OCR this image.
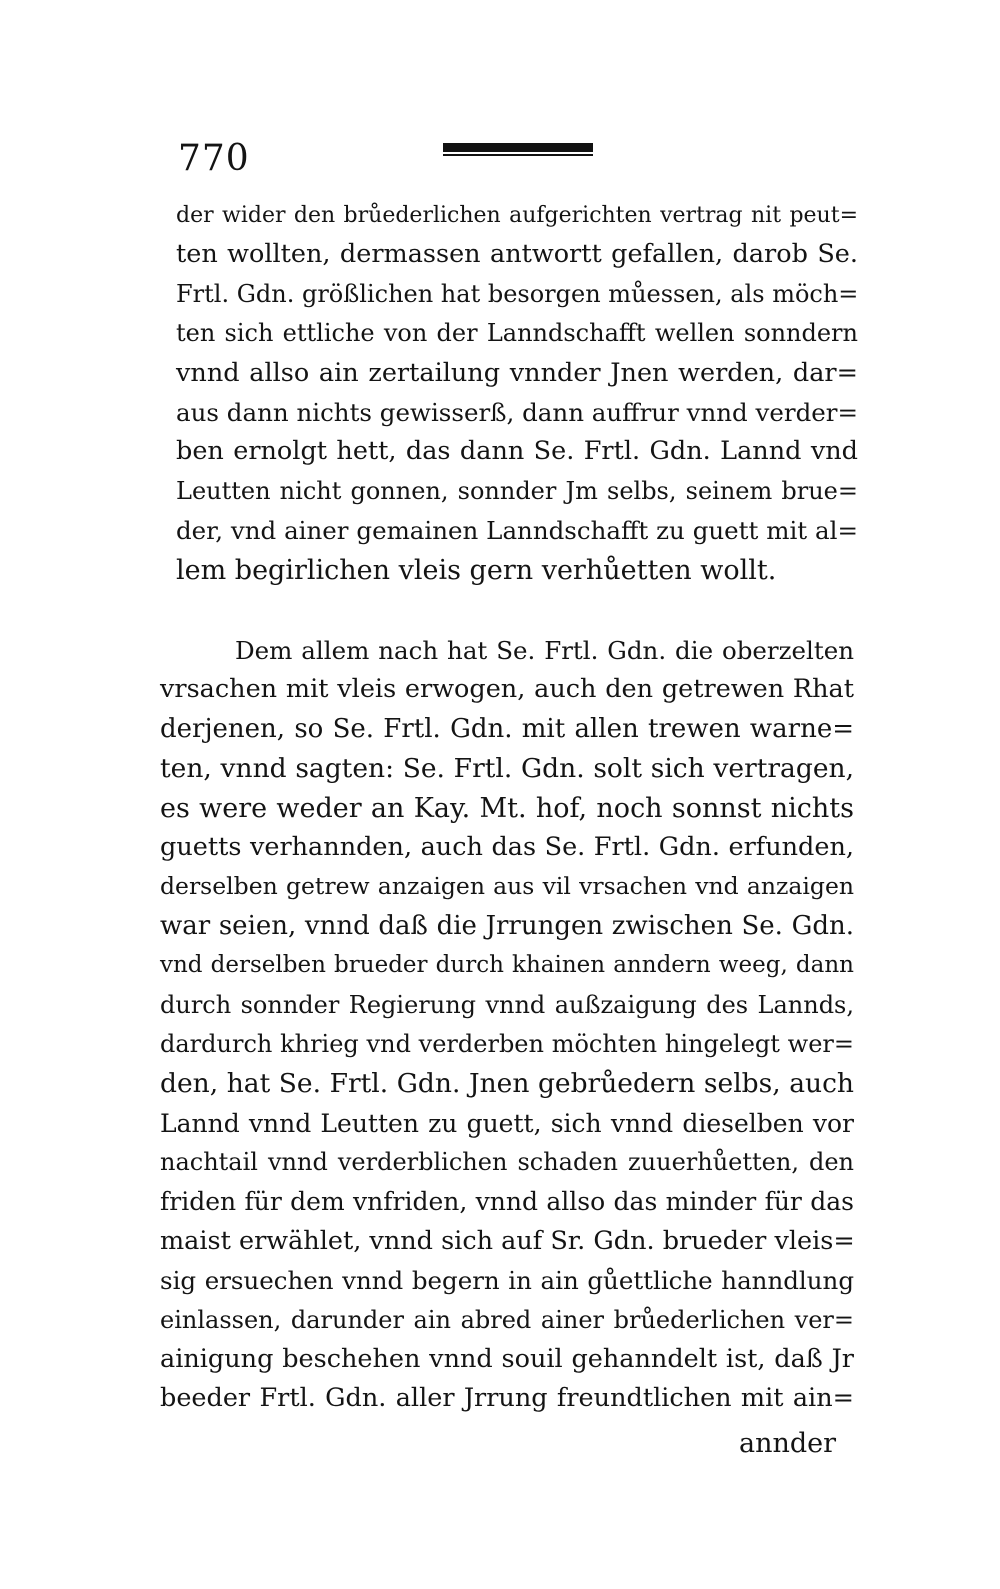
770
der wider den brůederlichen aufgerichten vertrag nit peut=
ten wollten, dermassen antwortt gefallen, darob Se.
Frtl. Gdn. größlichen hat besorgen můessen, als möch=
ten sich ettliche von der Lanndschafft wellen sonndern
vnnd allso ain zertailung vnnder Jnen werden, dar=
aus dann nichts gewisserß, dann auffrur vnnd verder=
ben ernolgt hett, das dann Se. Frtl. Gdn. Lannd vnd
Leutten nicht gonnen, sonnder Jm selbs, seinem brue=
der, vnd ainer gemainen Lanndschafft zu guett mit al=
lem begirlichen vleis gern verhůetten wollt.
Dem allem nach hat Se. Frtl. Gdn. die oberzelten
vrsachen mit vleis erwogen, auch den getrewen Rhat
derjenen, so Se. Frtl. Gdn. mit allen trewen warne=
ten, vnnd sagten: Se. Frtl. Gdn. solt sich vertragen,
es were weder an Kay. Mt. hof, noch sonnst nichts
guetts verhannden, auch das Se. Frtl. Gdn. erfunden,
derselben getrew anzaigen aus vil vrsachen vnd anzaigen
war seien, vnnd daß die Jrrungen zwischen Se. Gdn.
vnd derselben brueder durch khainen anndern weeg, dann
durch sonnder Regierung vnnd außzaigung des Lannds,
dardurch khrieg vnd verderben möchten hingelegt wer=
den, hat Se. Frtl. Gdn. Jnen gebrůedern selbs, auch
Lannd vnnd Leutten zu guett, sich vnnd dieselben vor
nachtail vnnd verderblichen schaden zuuerhůetten, den
friden für dem vnfriden, vnnd allso das minder für das
maist erwählet, vnnd sich auf Sr. Gdn. brueder vleis=
sig ersuechen vnnd begern in ain gůettliche hanndlung
einlassen, darunder ain abred ainer brůederlichen ver=
ainigung beschehen vnnd souil gehanndelt ist, daß Jr
beeder Frtl. Gdn. aller Jrrung freundtlichen mit ain=
annder
